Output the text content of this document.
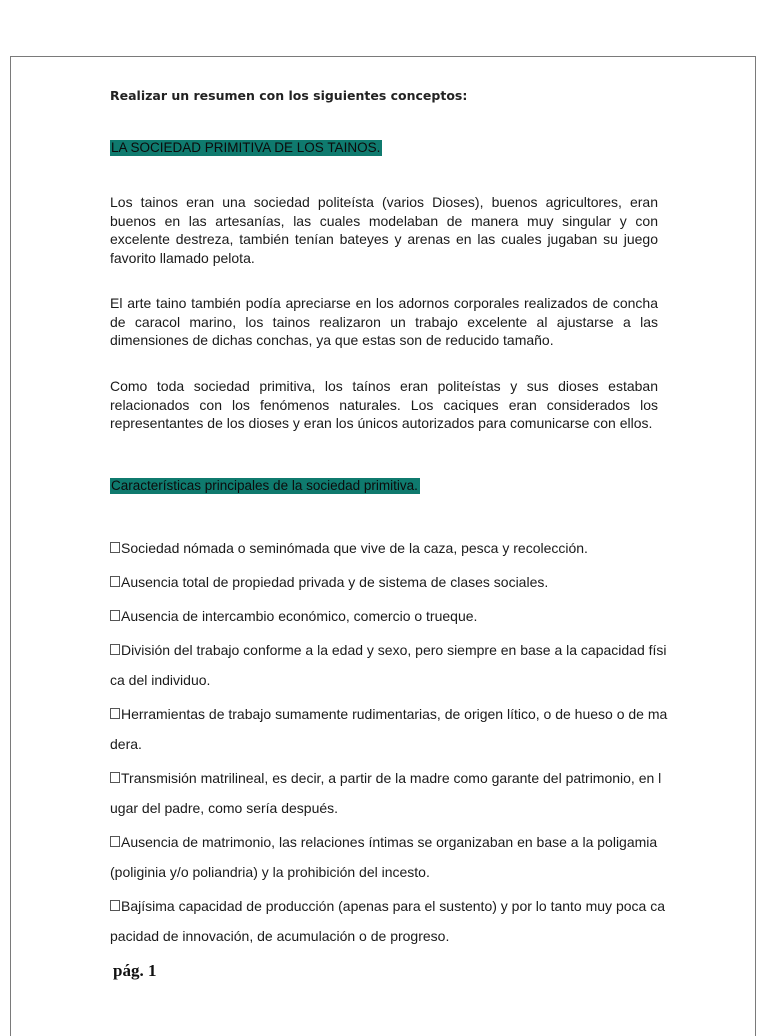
Realizar un resumen con los siguientes conceptos:
LA SOCIEDAD PRIMITIVA DE LOS TAINOS.

Los tainos eran una sociedad politeísta (varios Dioses), buenos agricultores, eran buenos en las artesanías, las cuales modelaban de manera muy singular y con excelente destreza, también tenían bateyes y arenas en las cuales jugaban su juego favorito llamado pelota.

El arte taino también podía apreciarse en los adornos corporales realizados de concha de caracol marino, los tainos realizaron un trabajo excelente al ajustarse a las dimensiones de dichas conchas, ya que estas son de reducido tamaño.

Como toda sociedad primitiva, los taínos eran politeístas y sus dioses estaban relacionados con los fenómenos naturales. Los caciques eran considerados los representantes de los dioses y eran los únicos autorizados para comunicarse con ellos.

Características principales de la sociedad primitiva.
Sociedad nómada o seminómada que vive de la caza, pesca y recolección.
Ausencia total de propiedad privada y de sistema de clases sociales.
Ausencia de intercambio económico, comercio o trueque.
División del trabajo conforme a la edad y sexo, pero siempre en base a la capacidad física del individuo.
Herramientas de trabajo sumamente rudimentarias, de origen lítico, o de hueso o de madera.
Transmisión matrilineal, es decir, a partir de la madre como garante del patrimonio, en lugar del padre, como sería después.
Ausencia de matrimonio, las relaciones íntimas se organizaban en base a la poligamia (poliginia y/o poliandria) y la prohibición del incesto.
Bajísima capacidad de producción (apenas para el sustento) y por lo tanto muy poca capacidad de innovación, de acumulación o de progreso.
pág. 1
